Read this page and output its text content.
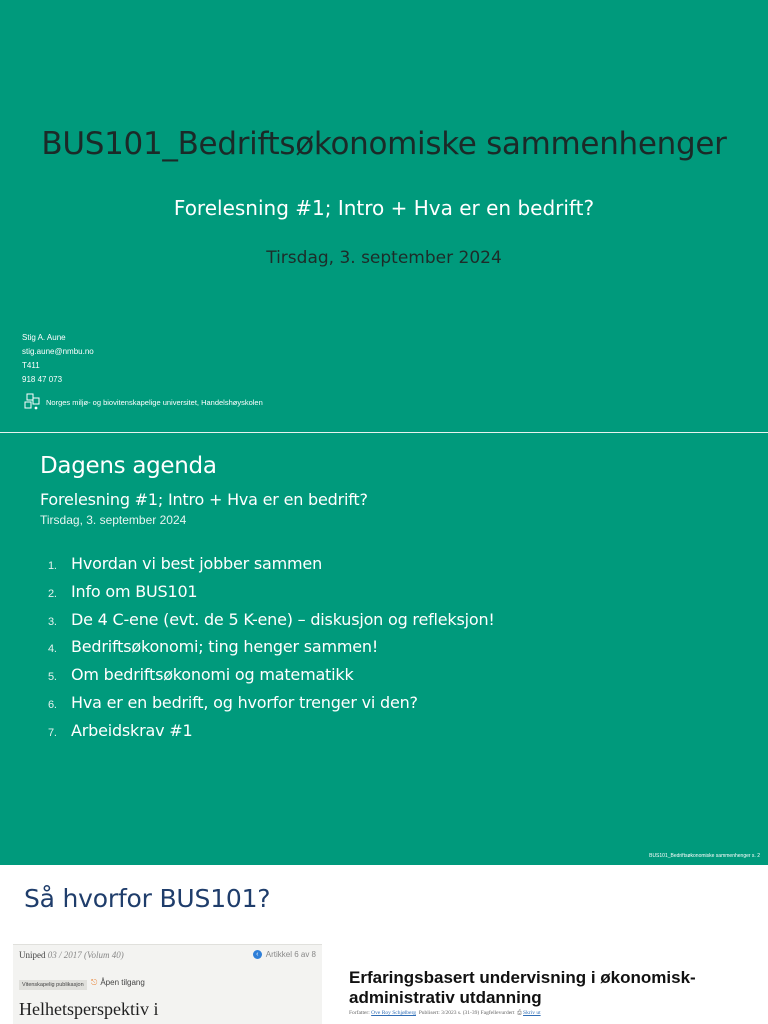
BUS101_Bedriftsøkonomiske sammenhenger
Forelesning #1; Intro + Hva er en bedrift?
Tirsdag, 3. september 2024
Stig A. Aune
stig.aune@nmbu.no
T411
918 47 073
Norges miljø- og biovitenskapelige universitet, Handelshøyskolen
Dagens agenda
Forelesning #1; Intro + Hva er en bedrift?
Tirsdag, 3. september 2024
1. Hvordan vi best jobber sammen
2. Info om BUS101
3. De 4 C-ene (evt. de 5 K-ene) – diskusjon og refleksjon!
4. Bedriftsøkonomi; ting henger sammen!
5. Om bedriftsøkonomi og matematikk
6. Hva er en bedrift, og hvorfor trenger vi den?
7. Arbeidskrav #1
BUS101_Bedriftsøkonomiske sammenhenger s. 2
Så hvorfor BUS101?
Uniped 03 / 2017 (Volum 40)	‹ Artikkel 6 av 8
Vitenskapelig publikasjon ⎋ Åpen tilgang
Helhetsperspektiv i
Erfaringsbasert undervisning i økonomisk-administrativ utdanning
Forfatter: Ove Roy Schjølberg Publisert: 3/2023 s. (31-39) Fagfellevurdert ⎙ Skriv ut
